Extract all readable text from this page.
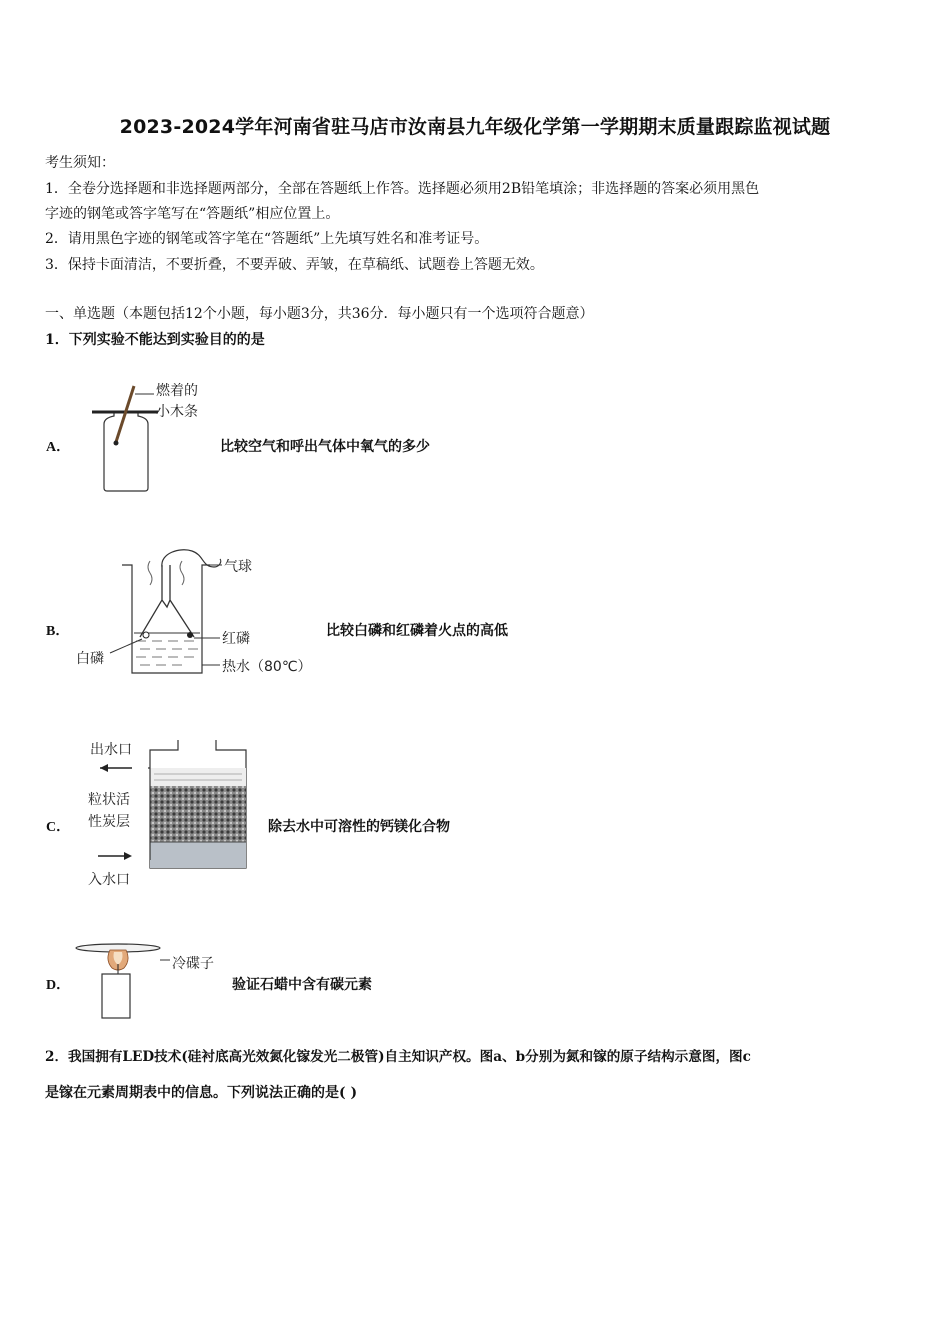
2023-2024学年河南省驻马店市汝南县九年级化学第一学期期末质量跟踪监视试题
考生须知：
1．全卷分选择题和非选择题两部分，全部在答题纸上作答。选择题必须用2B铅笔填涂；非选择题的答案必须用黑色
字迹的钢笔或答字笔写在“答题纸”相应位置上。
2．请用黑色字迹的钢笔或答字笔在“答题纸”上先填写姓名和准考证号。
3．保持卡面清洁，不要折叠，不要弄破、弄皱，在草稿纸、试题卷上答题无效。
一、单选题（本题包括12个小题，每小题3分，共36分．每小题只有一个选项符合题意）
1．下列实验不能达到实验目的的是
A．
燃着的
小木条
比较空气和呼出气体中氧气的多少
B．
气球
红磷
白磷	热水（80℃）
比较白磷和红磷着火点的高低
C．
出水口
粒状活
性炭层
入水口
除去水中可溶性的钙镁化合物
D．
冷碟子
验证石蜡中含有碳元素
2．我国拥有LED技术(硅衬底高光效氮化镓发光二极管)自主知识产权。图a、b分别为氮和镓的原子结构示意图，图c
是镓在元素周期表中的信息。下列说法正确的是( )
